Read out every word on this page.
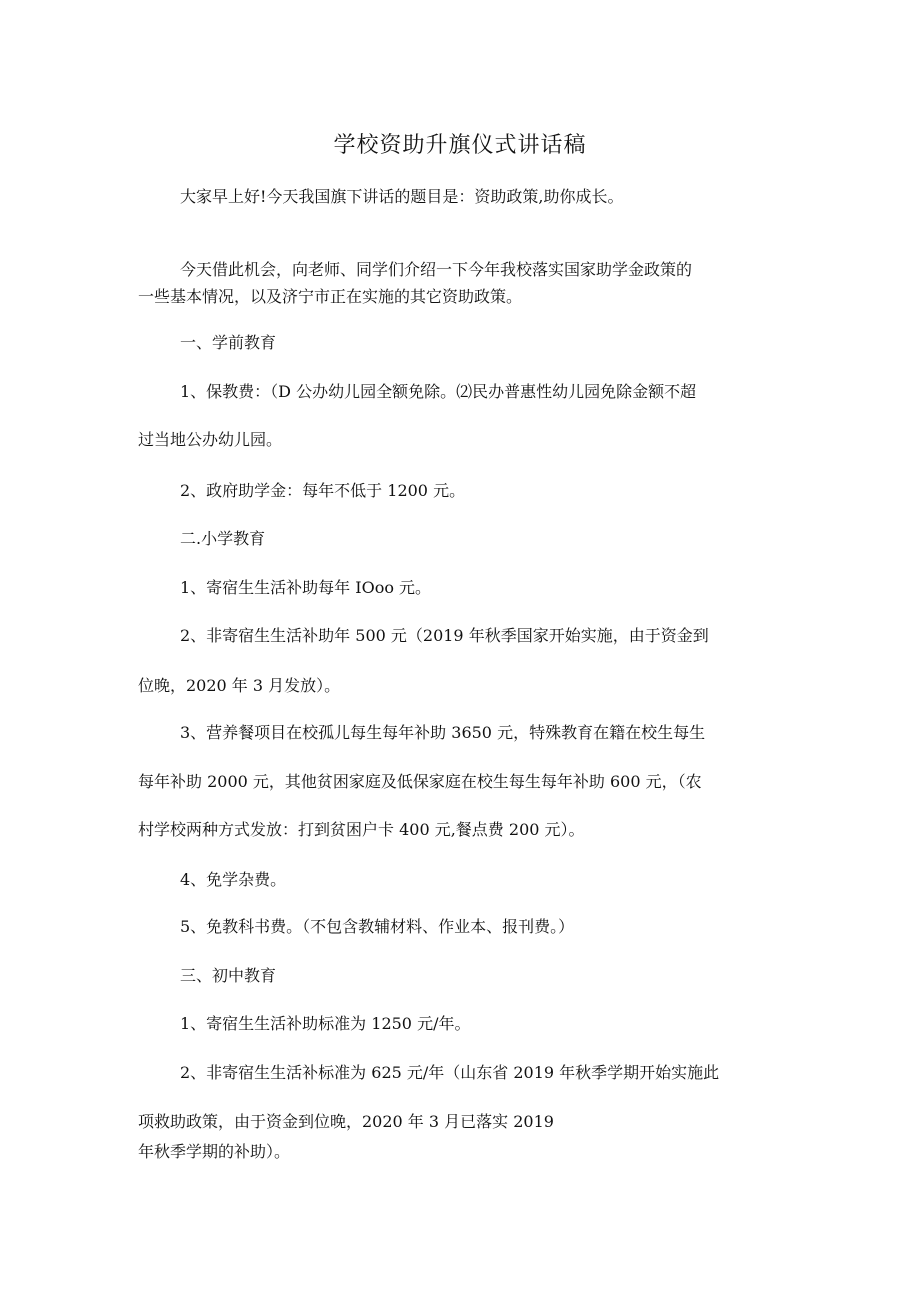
学校资助升旗仪式讲话稿

大家早上好!今天我国旗下讲话的题目是：资助政策,助你成长。

今天借此机会，向老师、同学们介绍一下今年我校落实国家助学金政策的

一些基本情况，以及济宁市正在实施的其它资助政策。

一、学前教育

1、保教费：（D 公办幼儿园全额免除。⑵民办普惠性幼儿园免除金额不超

过当地公办幼儿园。

2、政府助学金：每年不低于 1200 元。

二.小学教育

1、寄宿生生活补助每年 IOoo 元。

2、非寄宿生生活补助年 500 元（2019 年秋季国家开始实施，由于资金到

位晚，2020 年 3 月发放）。

3、营养餐项目在校孤儿每生每年补助 3650 元，特殊教育在籍在校生每生

每年补助 2000 元，其他贫困家庭及低保家庭在校生每生每年补助 600 元，（农

村学校两种方式发放：打到贫困户卡 400 元,餐点费 200 元）。

4、免学杂费。

5、免教科书费。（不包含教辅材料、作业本、报刊费。）

三、初中教育

1、寄宿生生活补助标准为 1250 元/年。

2、非寄宿生生活补标准为 625 元/年（山东省 2019 年秋季学期开始实施此

项救助政策，由于资金到位晚，2020 年 3 月已落实 2019

年秋季学期的补助）。
